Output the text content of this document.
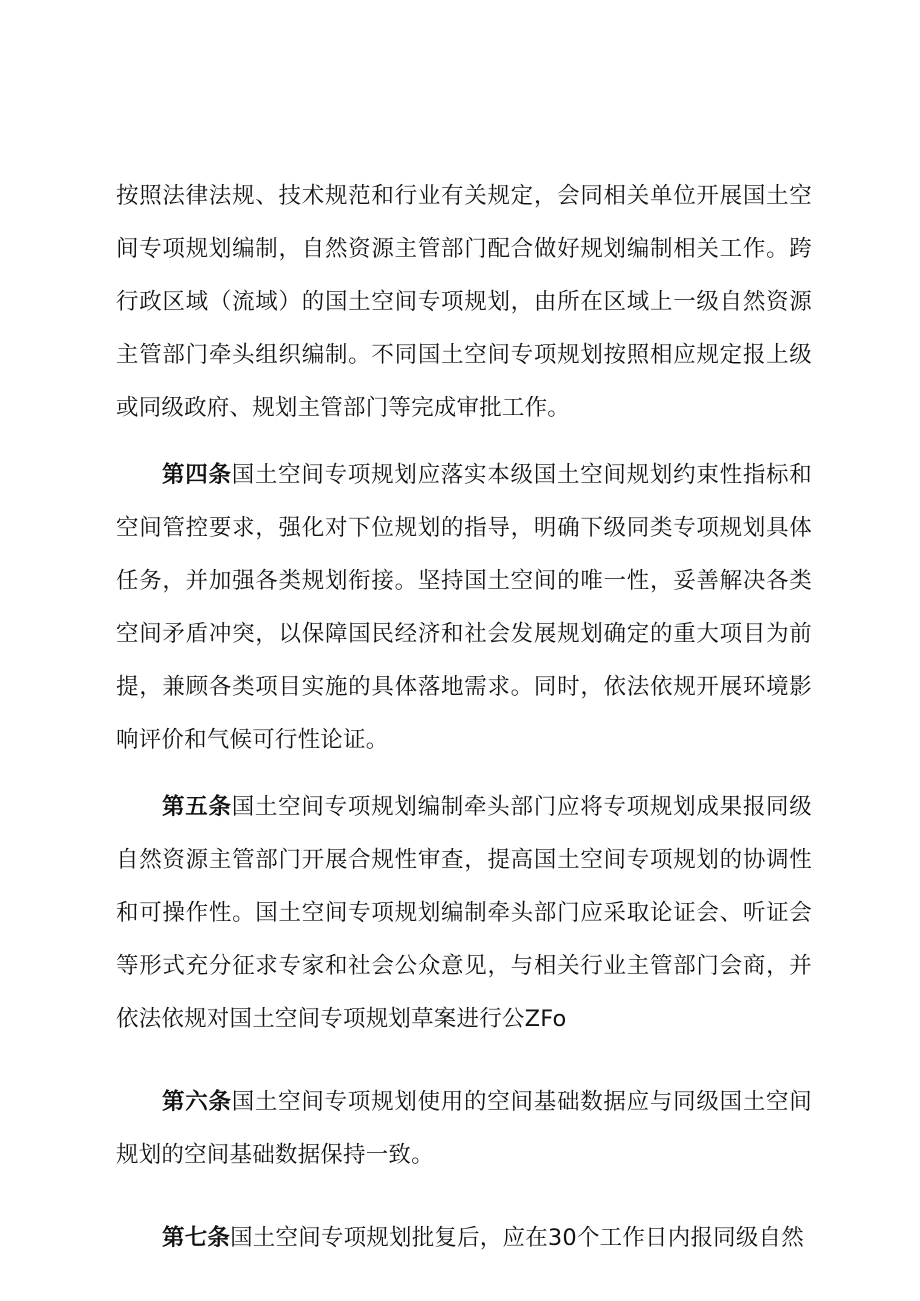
按照法律法规、技术规范和行业有关规定，会同相关单位开展国土空间专项规划编制，自然资源主管部门配合做好规划编制相关工作。跨行政区域（流域）的国土空间专项规划，由所在区域上一级自然资源主管部门牵头组织编制。不同国土空间专项规划按照相应规定报上级或同级政府、规划主管部门等完成审批工作。

第四条国土空间专项规划应落实本级国土空间规划约束性指标和空间管控要求，强化对下位规划的指导，明确下级同类专项规划具体任务，并加强各类规划衔接。坚持国土空间的唯一性，妥善解决各类空间矛盾冲突，以保障国民经济和社会发展规划确定的重大项目为前提，兼顾各类项目实施的具体落地需求。同时，依法依规开展环境影响评价和气候可行性论证。

第五条国土空间专项规划编制牵头部门应将专项规划成果报同级自然资源主管部门开展合规性审查，提高国土空间专项规划的协调性和可操作性。国土空间专项规划编制牵头部门应采取论证会、听证会等形式充分征求专家和社会公众意见，与相关行业主管部门会商，并依法依规对国土空间专项规划草案进行公ZFo

第六条国土空间专项规划使用的空间基础数据应与同级国土空间规划的空间基础数据保持一致。

第七条国土空间专项规划批复后，应在30个工作日内报同级自然
